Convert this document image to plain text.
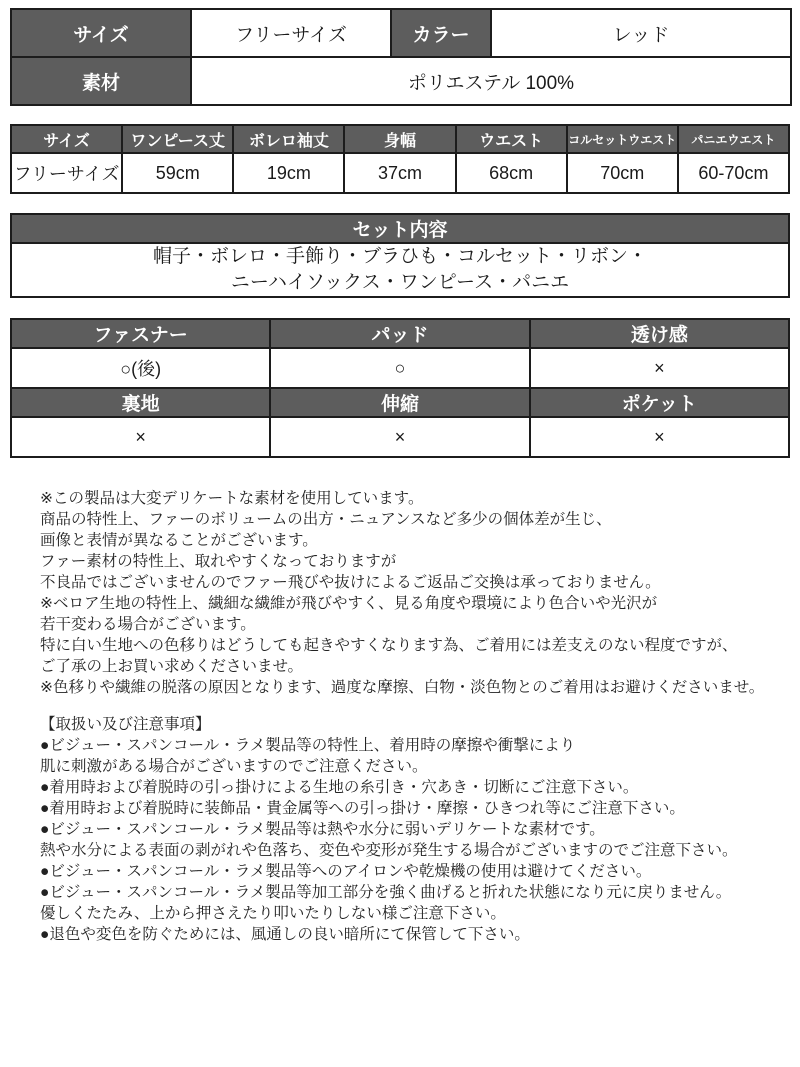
サイズ	フリーサイズ	カラー	レッド
素材	ポリエステル 100%		
サイズ	ワンピース丈	ボレロ袖丈	身幅	ウエスト	コルセットウエスト	パニエウエスト
フリーサイズ	59cm	19cm	37cm	68cm	70cm	60-70cm
セット内容

帽子・ボレロ・手飾り・ブラひも・コルセット・リボン・
ニーハイソックス・ワンピース・パニエ
ファスナー	パッド	透け感
○(後)	○	×
裏地	伸縮	ポケット
×	×	×
※この製品は大変デリケートな素材を使用しています。
商品の特性上、ファーのボリュームの出方・ニュアンスなど多少の個体差が生じ、
画像と表情が異なることがございます。
ファー素材の特性上、取れやすくなっておりますが
不良品ではございませんのでファー飛びや抜けによるご返品ご交換は承っておりません。
※ベロア生地の特性上、繊細な繊維が飛びやすく、見る角度や環境により色合いや光沢が
若干変わる場合がございます。
特に白い生地への色移りはどうしても起きやすくなります為、ご着用には差支えのない程度ですが、
ご了承の上お買い求めくださいませ。
※色移りや繊維の脱落の原因となります、過度な摩擦、白物・淡色物とのご着用はお避けくださいませ。
【取扱い及び注意事項】
●ビジュー・スパンコール・ラメ製品等の特性上、着用時の摩擦や衝撃により
肌に刺激がある場合がございますのでご注意ください。
●着用時および着脱時の引っ掛けによる生地の糸引き・穴あき・切断にご注意下さい。
●着用時および着脱時に装飾品・貴金属等への引っ掛け・摩擦・ひきつれ等にご注意下さい。
●ビジュー・スパンコール・ラメ製品等は熱や水分に弱いデリケートな素材です。
熱や水分による表面の剥がれや色落ち、変色や変形が発生する場合がございますのでご注意下さい。
●ビジュー・スパンコール・ラメ製品等へのアイロンや乾燥機の使用は避けてください。
●ビジュー・スパンコール・ラメ製品等加工部分を強く曲げると折れた状態になり元に戻りません。
優しくたたみ、上から押さえたり叩いたりしない様ご注意下さい。
●退色や変色を防ぐためには、風通しの良い暗所にて保管して下さい。
